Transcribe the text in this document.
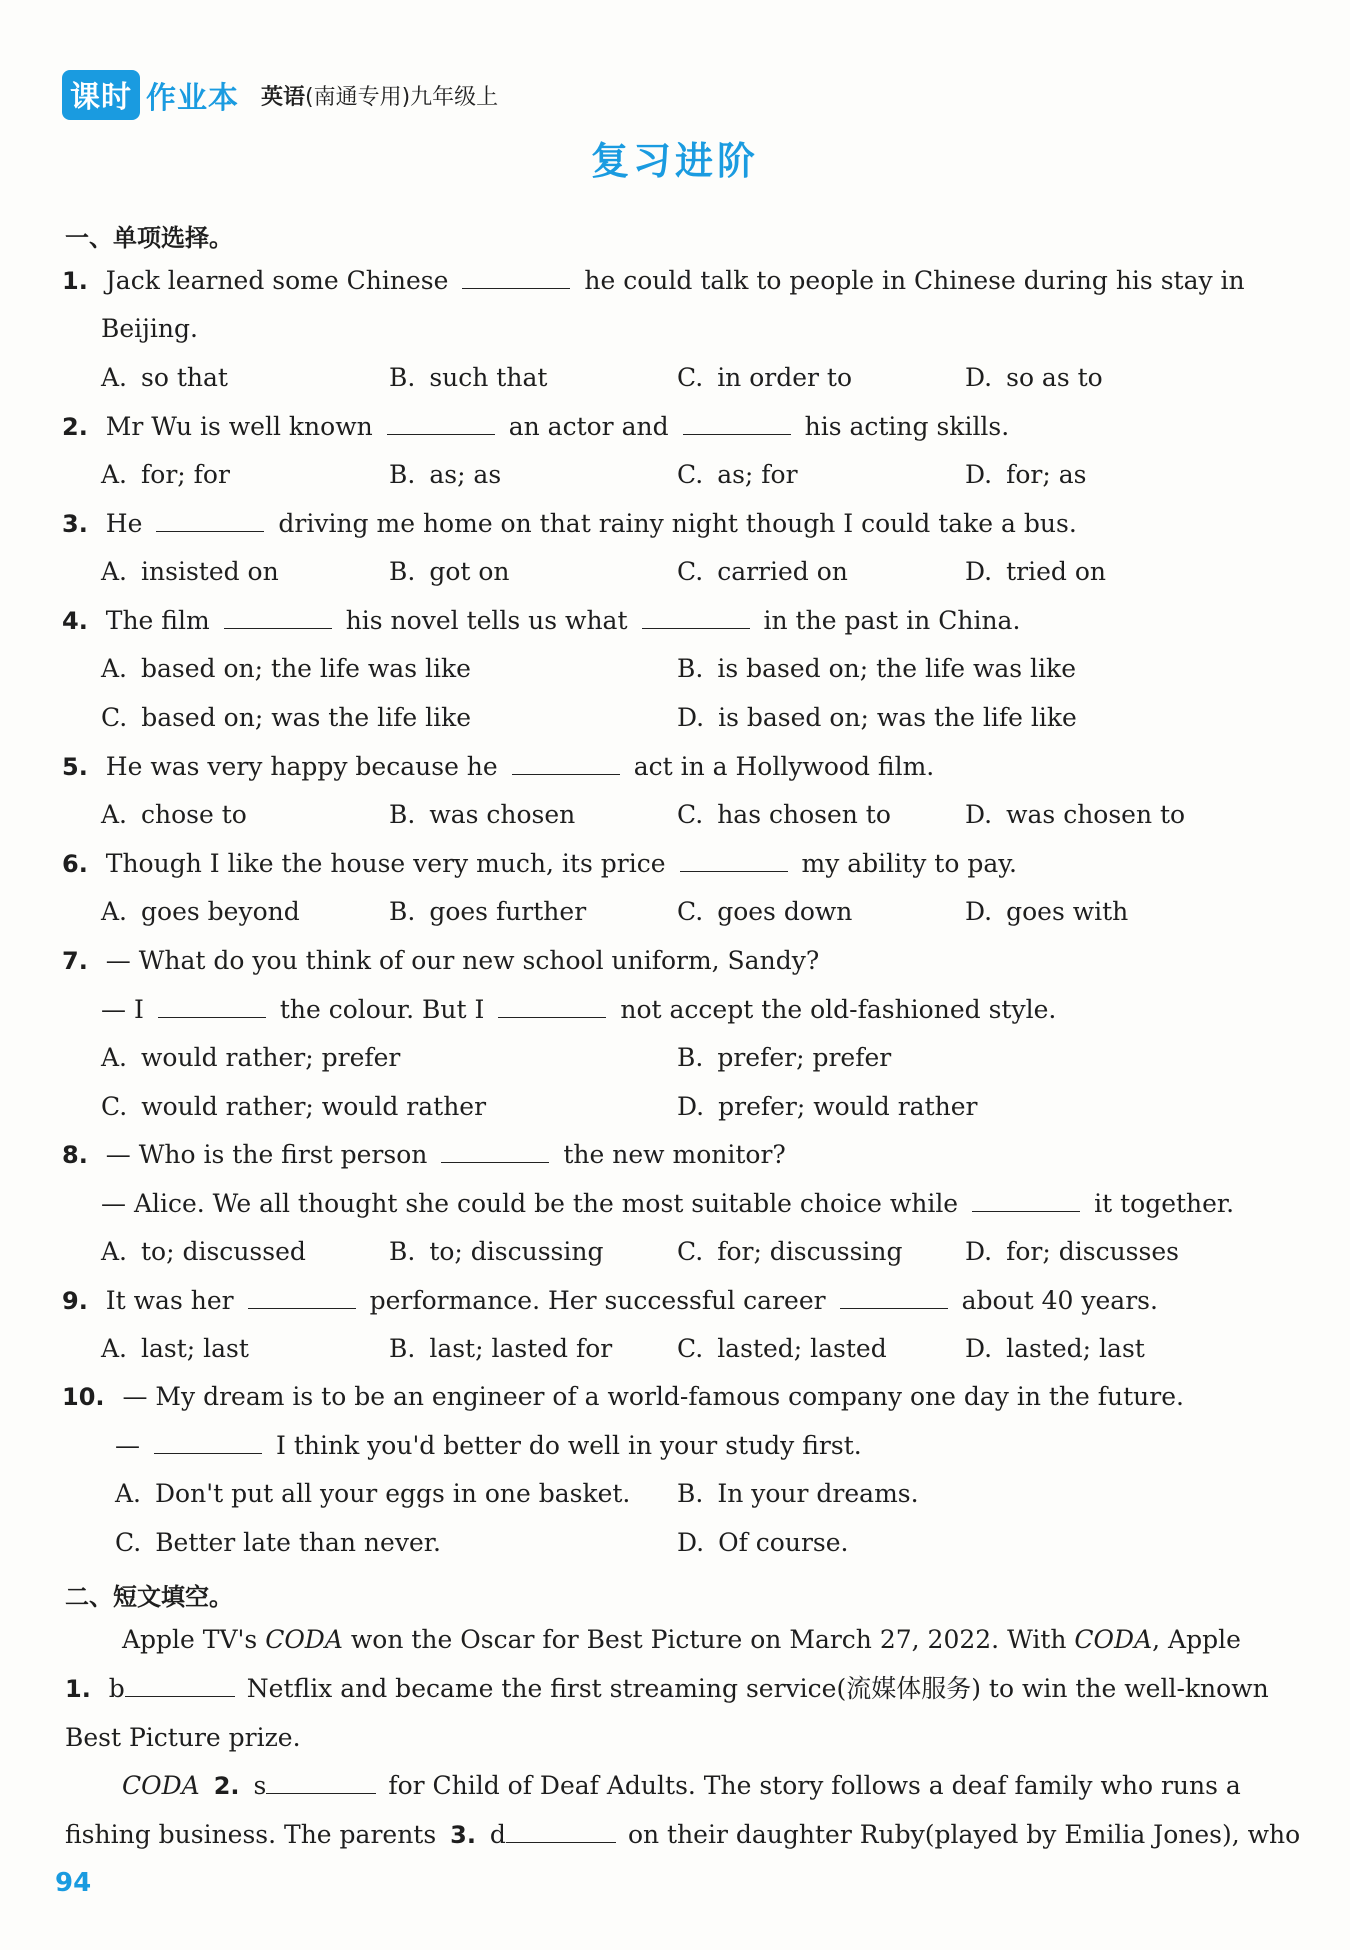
课时 作业本 英语(南通专用)九年级上
复习进阶
一、单项选择。
1. Jack learned some Chinese	he could talk to people in Chinese during his stay in
Beijing.
A. so that	B. such that	C. in order to	D. so as to
2. Mr Wu is well known	an actor and	his acting skills.
A. for; for	B. as; as	C. as; for	D. for; as
3. He	driving me home on that rainy night though I could take a bus.
A. insisted on	B. got on	C. carried on	D. tried on
4. The film	his novel tells us what	in the past in China.
A. based on; the life was like	B. is based on; the life was like
C. based on; was the life like	D. is based on; was the life like
5. He was very happy because he	act in a Hollywood film.
A. chose to	B. was chosen	C. has chosen to	D. was chosen to
6. Though I like the house very much, its price	my ability to pay.
A. goes beyond	B. goes further	C. goes down	D. goes with
7. — What do you think of our new school uniform, Sandy?
— I	the colour. But I	not accept the old-fashioned style.
A. would rather; prefer	B. prefer; prefer
C. would rather; would rather	D. prefer; would rather
8. — Who is the first person	the new monitor?
— Alice. We all thought she could be the most suitable choice while	it together.
A. to; discussed	B. to; discussing	C. for; discussing D. for; discusses
9. It was her	performance. Her successful career	about 40 years.
A. last; last	B. last; lasted for	C. lasted; lasted	D. lasted; last
10. — My dream is to be an engineer of a world-famous company one day in the future.
—	I think you'd better do well in your study first.
A. Don't put all your eggs in one basket. B. In your dreams.
C. Better late than never.	D. Of course.
二、短文填空。
Apple TV's CODA won the Oscar for Best Picture on March 27, 2022. With CODA, Apple
1. b	Netflix and became the first streaming service(流媒体服务) to win the well-known
Best Picture prize.
CODA 2. s	for Child of Deaf Adults. The story follows a deaf family who runs a
fishing business. The parents 3. d	on their daughter Ruby(played by Emilia Jones), who
94
